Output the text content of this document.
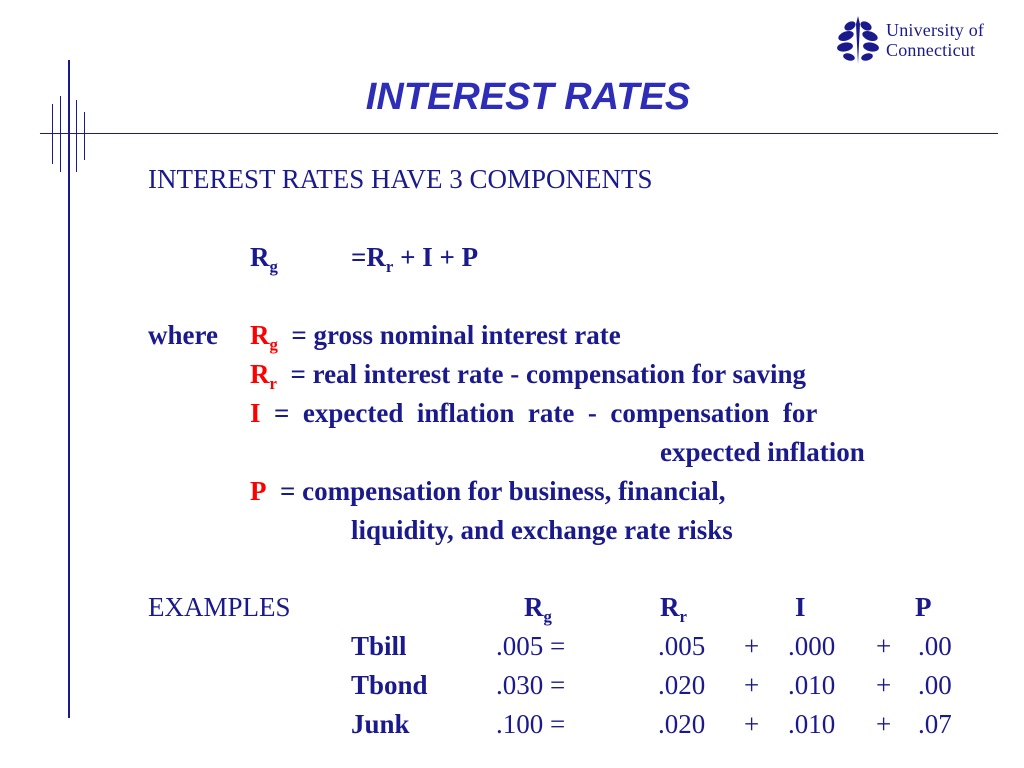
University of
Connecticut
INTEREST RATES
INTEREST RATES HAVE 3 COMPONENTS
$R_g$	$=R_r + I + P$
where $R_g$ = gross nominal interest rate
$R_r$ = real interest rate - compensation for saving
I =  expected  inflation  rate  -  compensation  for
expected inflation
P = compensation for business, financial,
liquidity, and exchange rate risks
EXAMPLES	$R_g$	$R_r$	I	P
Tbill	.005 =	.005 + .000 + .00
Tbond	.030 =	.020 + .010 + .00
Junk	.100 =	.020 + .010 + .07
